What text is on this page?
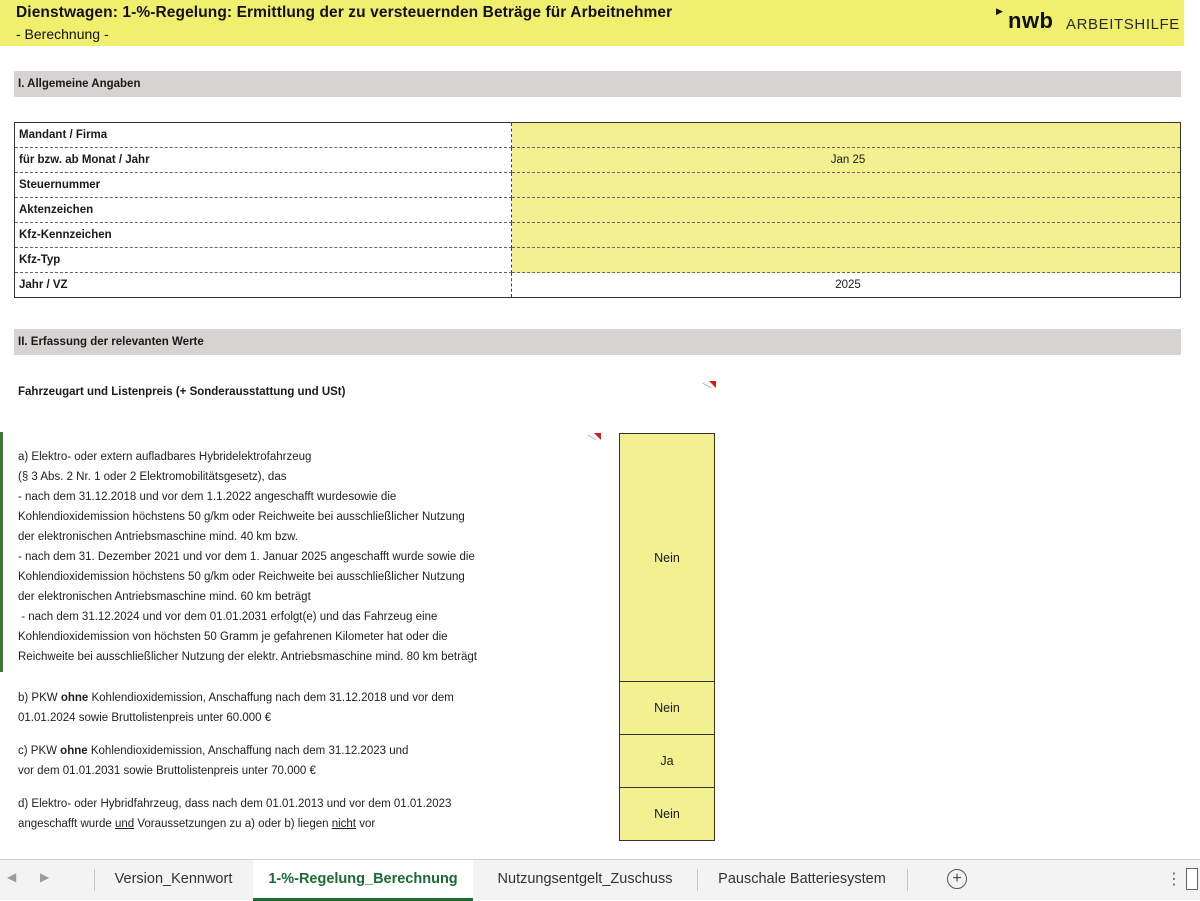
Dienstwagen: 1-%-Regelung: Ermittlung der zu versteuernden Beträge für Arbeitnehmer
- Berechnung -
▶ nwb ARBEITSHILFE
I. Allgemeine Angaben
Mandant / Firma	
für bzw. ab Monat / Jahr	Jan 25
Steuernummer	
Aktenzeichen	
Kfz-Kennzeichen	
Kfz-Typ	
Jahr / VZ	2025
II. Erfassung der relevanten Werte
Fahrzeugart und Listenpreis (+ Sonderausstattung und USt)
a) Elektro- oder extern aufladbares Hybridelektrofahrzeug
(§ 3 Abs. 2 Nr. 1 oder 2 Elektromobilitätsgesetz), das
- nach dem 31.12.2018 und vor dem 1.1.2022 angeschafft wurdesowie die
Kohlendioxidemission höchstens 50 g/km oder Reichweite bei ausschließlicher Nutzung
der elektronischen Antriebsmaschine mind. 40 km bzw.
- nach dem 31. Dezember 2021 und vor dem 1. Januar 2025 angeschafft wurde sowie die
Kohlendioxidemission höchstens 50 g/km oder Reichweite bei ausschließlicher Nutzung
der elektronischen Antriebsmaschine mind. 60 km beträgt
- nach dem 31.12.2024 und vor dem 01.01.2031 erfolgt(e) und das Fahrzeug eine
Kohlendioxidemission von höchsten 50 Gramm je gefahrenen Kilometer hat oder die
Reichweite bei ausschließlicher Nutzung der elektr. Antriebsmaschine mind. 80 km beträgt
Nein
b) PKW ohne Kohlendioxidemission, Anschaffung nach dem 31.12.2018 und vor dem
01.01.2024 sowie Bruttolistenpreis unter 60.000 €
Nein
c) PKW ohne Kohlendioxidemission, Anschaffung nach dem 31.12.2023 und
vor dem 01.01.2031 sowie Bruttolistenpreis unter 70.000 €
Ja
d) Elektro- oder Hybridfahrzeug, dass nach dem 01.01.2013 und vor dem 01.01.2023
angeschafft wurde und Voraussetzungen zu a) oder b) liegen nicht vor
Nein
◀ ▶	Version_Kennwort	1-%-Regelung_Berechnung	Nutzungsentgelt_Zuschuss	Pauschale Batteriesystem	+	⋮
